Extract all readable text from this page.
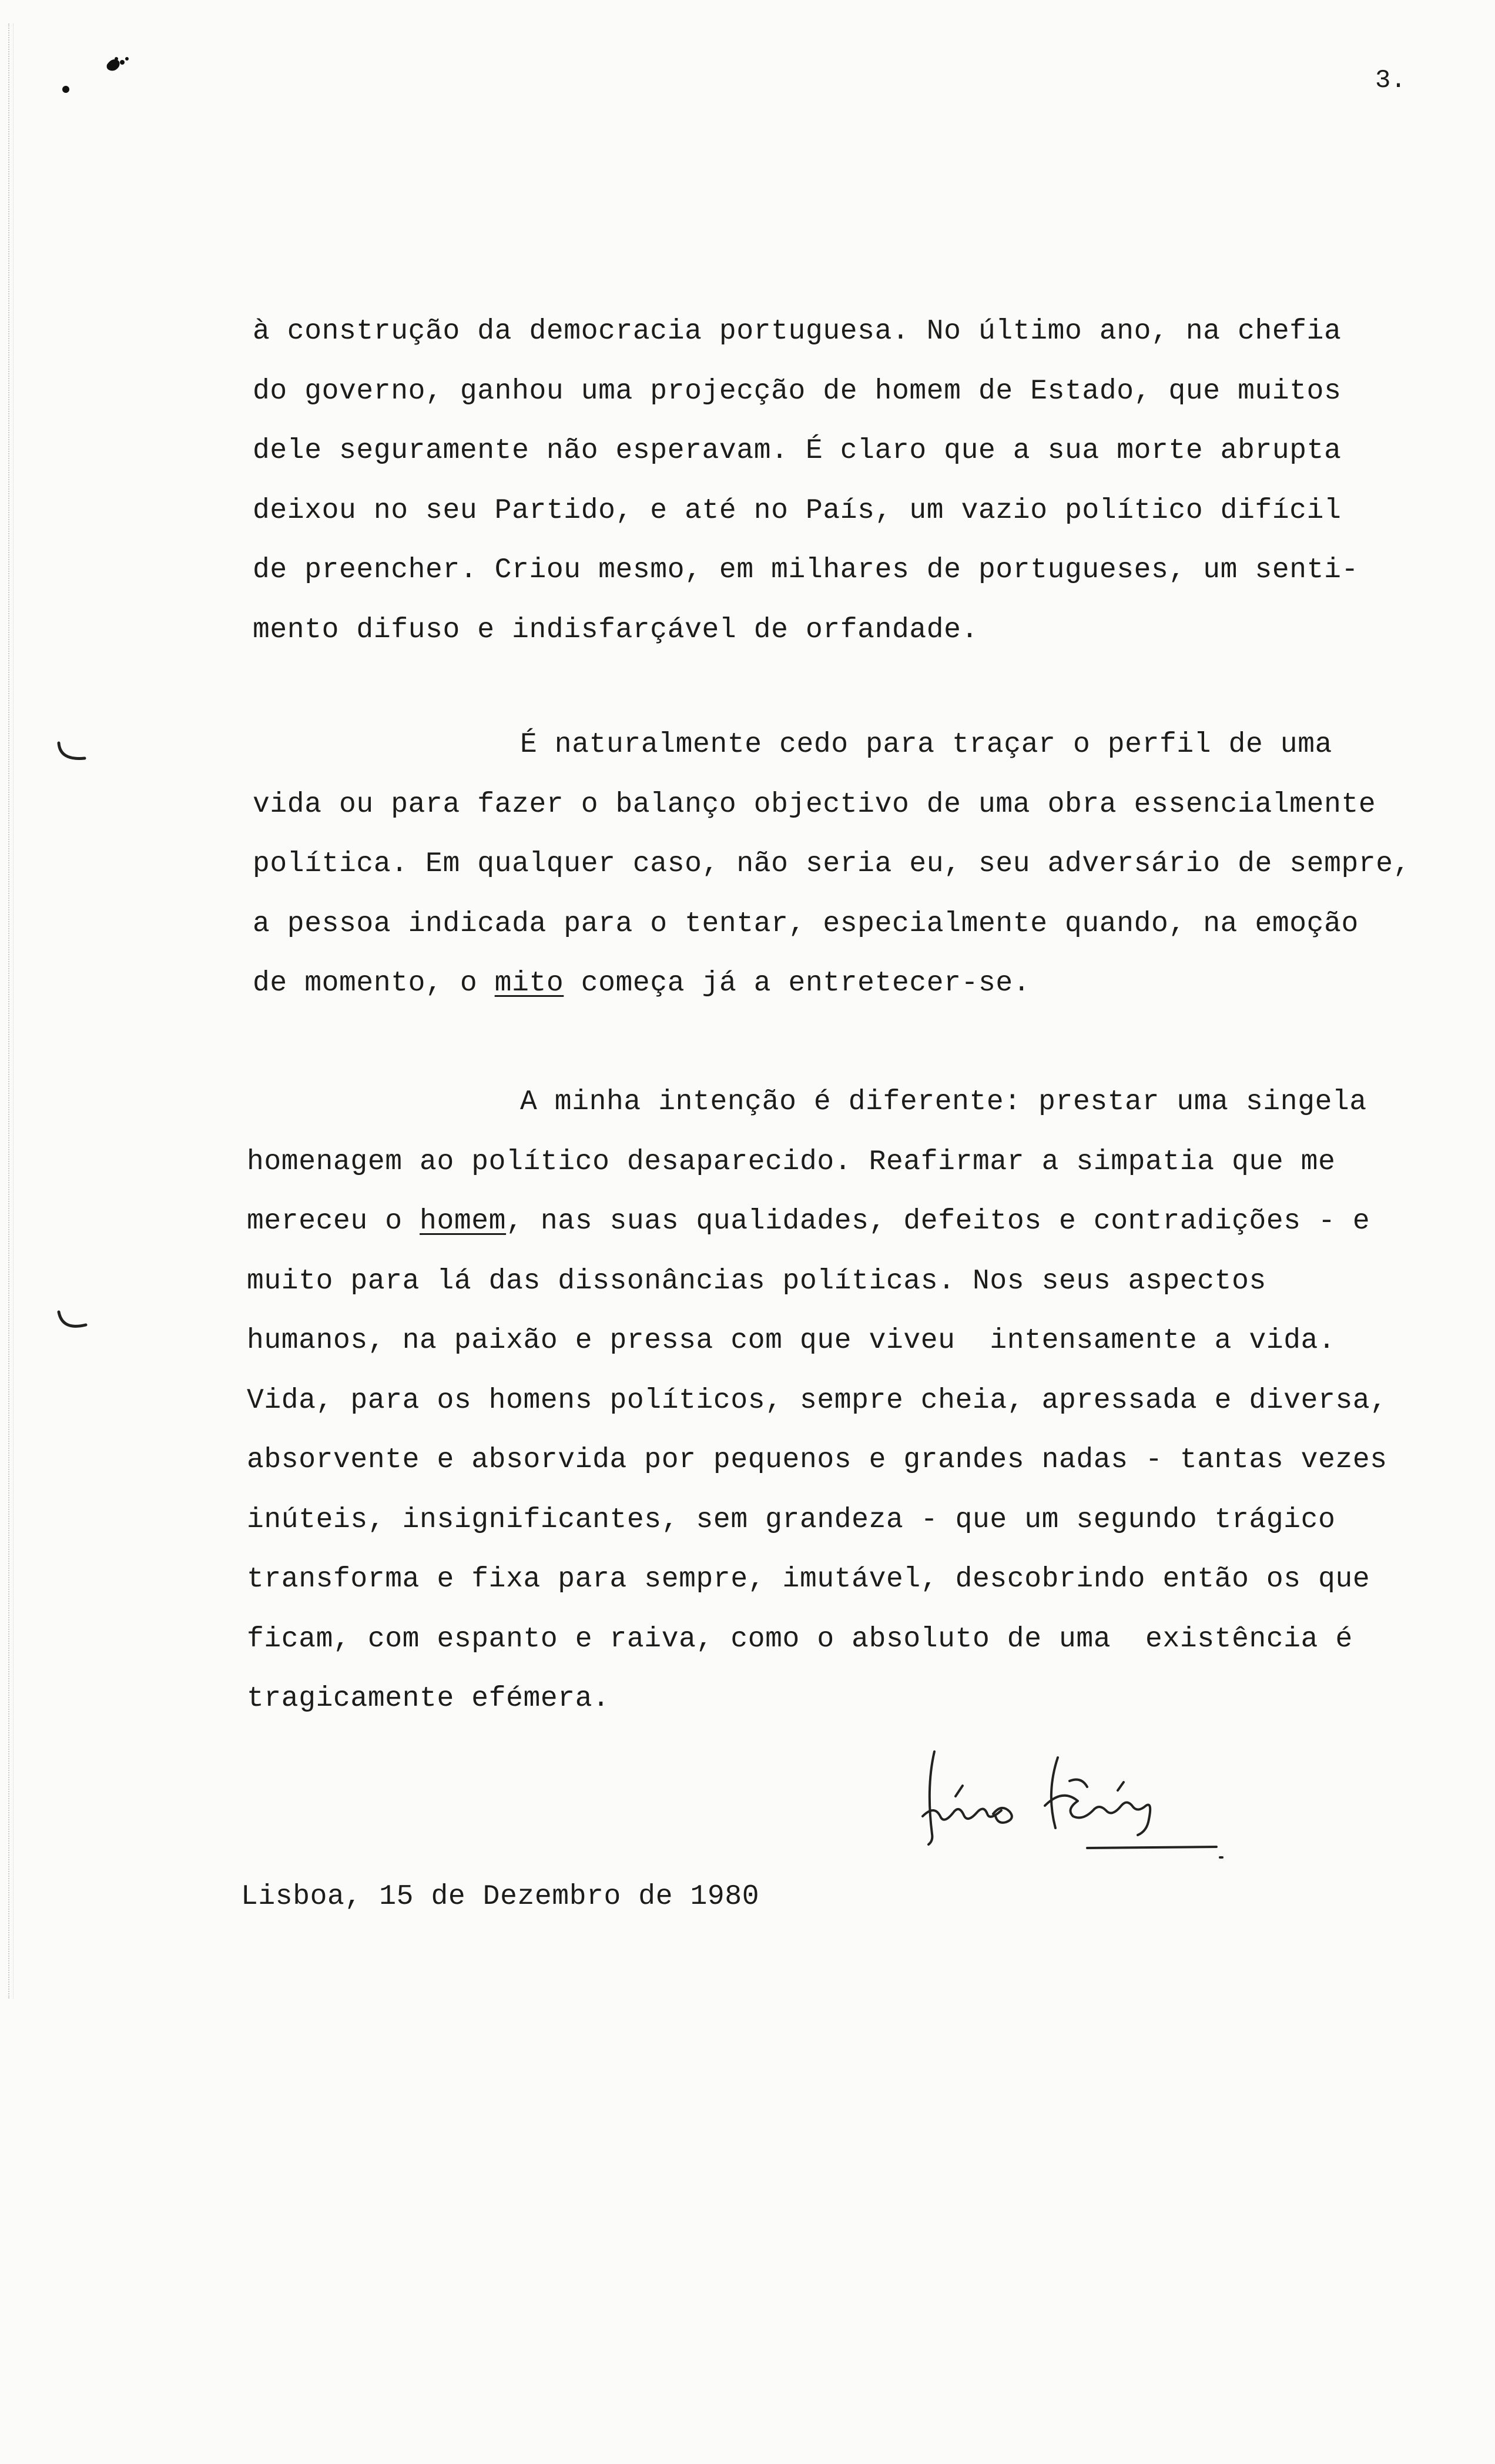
3.
à construção da democracia portuguesa. No último ano, na chefia
do governo, ganhou uma projecção de homem de Estado, que muitos
dele seguramente não esperavam. É claro que a sua morte abrupta
deixou no seu Partido, e até no País, um vazio político difícil
de preencher. Criou mesmo, em milhares de portugueses, um senti-
mento difuso e indisfarçável de orfandade.
É naturalmente cedo para traçar o perfil de uma
vida ou para fazer o balanço objectivo de uma obra essencialmente
política. Em qualquer caso, não seria eu, seu adversário de sempre,
a pessoa indicada para o tentar, especialmente quando, na emoção
de momento, o mito começa já a entretecer-se.
A minha intenção é diferente: prestar uma singela
homenagem ao político desaparecido. Reafirmar a simpatia que me
mereceu o homem, nas suas qualidades, defeitos e contradições - e
muito para lá das dissonâncias políticas. Nos seus aspectos
humanos, na paixão e pressa com que viveu  intensamente a vida.
Vida, para os homens políticos, sempre cheia, apressada e diversa,
absorvente e absorvida por pequenos e grandes nadas - tantas vezes
inúteis, insignificantes, sem grandeza - que um segundo trágico
transforma e fixa para sempre, imutável, descobrindo então os que
ficam, com espanto e raiva, como o absoluto de uma  existência é
tragicamente efémera.
Lisboa, 15 de Dezembro de 1980
